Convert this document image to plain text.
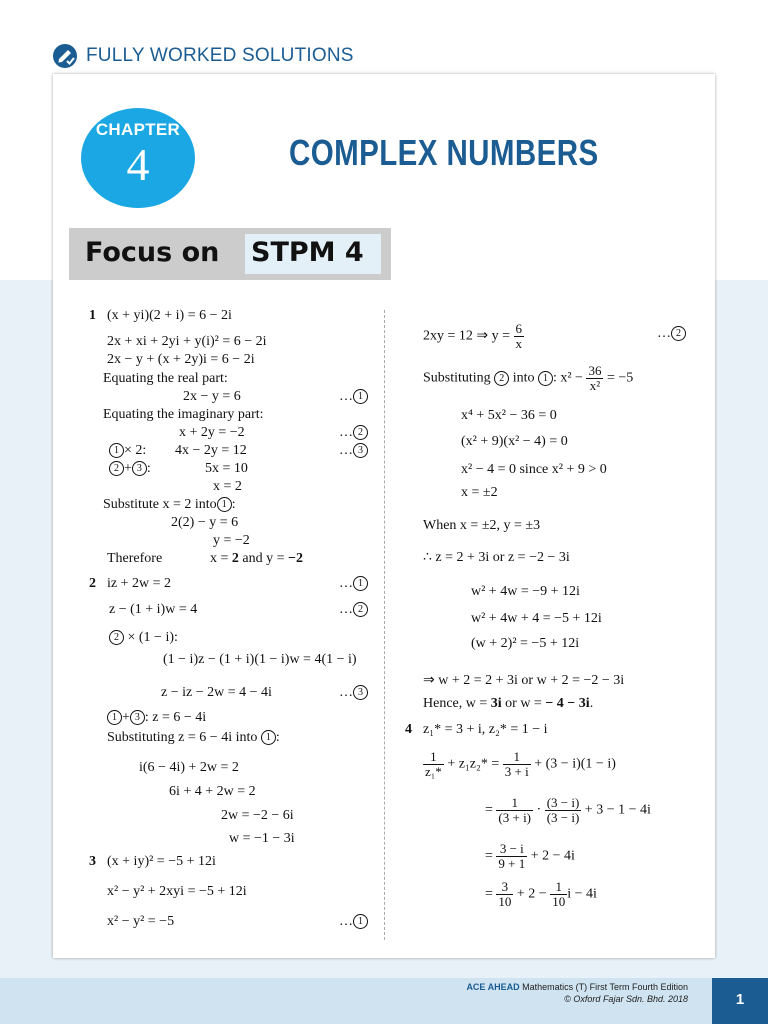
FULLY WORKED SOLUTIONS
CHAPTER
4	COMPLEX NUMBERS
Focus on STPM 4
1 (x + yi)(2 + i) = 6 − 2i
2x + xi + 2yi + y(i)² = 6 − 2i
2x − y + (x + 2y)i = 6 − 2i
Equating the real part:
2x − y = 6	… 1
Equating the imaginary part:
x + 2y = −2	… 2
1 × 2: 4x − 2y = 12	… 3
2 + 3 :	5x = 10
x = 2
Substitute x = 2 into 1 :
2(2) − y = 6
y = −2
Therefore	x = 2 and y = −2
2 iz + 2w = 2	… 1
z − (1 + i)w = 4	… 2
2 × (1 − i):
(1 − i)z − (1 + i)(1 − i)w = 4(1 − i)
z − iz − 2w = 4 − 4i	… 3
1 + 3 : z = 6 − 4i
Substituting z = 6 − 4i into 1 :
i(6 − 4i) + 2w = 2
6i + 4 + 2w = 2
2w = −2 − 6i
w = −1 − 3i
3 (x + iy)² = −5 + 12i
x² − y² + 2xyi = −5 + 12i
x² − y² = −5	… 1
2xy = 12 ⇒ $y = \frac{6}{x}$	… 2
Substituting 2 into 1 : $x^2 - \frac{36}{\text{x²}} = -5$
x⁴ + 5x² − 36 = 0
(x² + 9)(x² − 4) = 0
x² − 4 = 0 since x² + 9 > 0
x = ±2
When x = ±2, y = ±3
∴ z = 2 + 3i or z = −2 − 3i
w² + 4w = −9 + 12i
w² + 4w + 4 = −5 + 12i
(w + 2)² = −5 + 12i
⇒ w + 2 = 2 + 3i or w + 2 = −2 − 3i
Hence, w = 3i or w = − 4 − 3i.
4 z₁* = 3 + i, z₂* = 1 − i
$\frac{1}{\text{z₁*}} + z_1z_2* = \frac{1}{3 + i} + (3 - i)(1 - i)$
= $\frac{1}{(3 + i)} \cdot \frac{(3 - i)}{(3 - i)} + 3 - 1 - 4i$
= $\frac{3 - i}{9 + 1} + 2 - 4i$
= $\frac{3}{10} + 2 - \frac{1}{10}$ i − 4i
ACE AHEAD Mathematics (T) First Term Fourth Edition
© Oxford Fajar Sdn. Bhd. 2018	1
